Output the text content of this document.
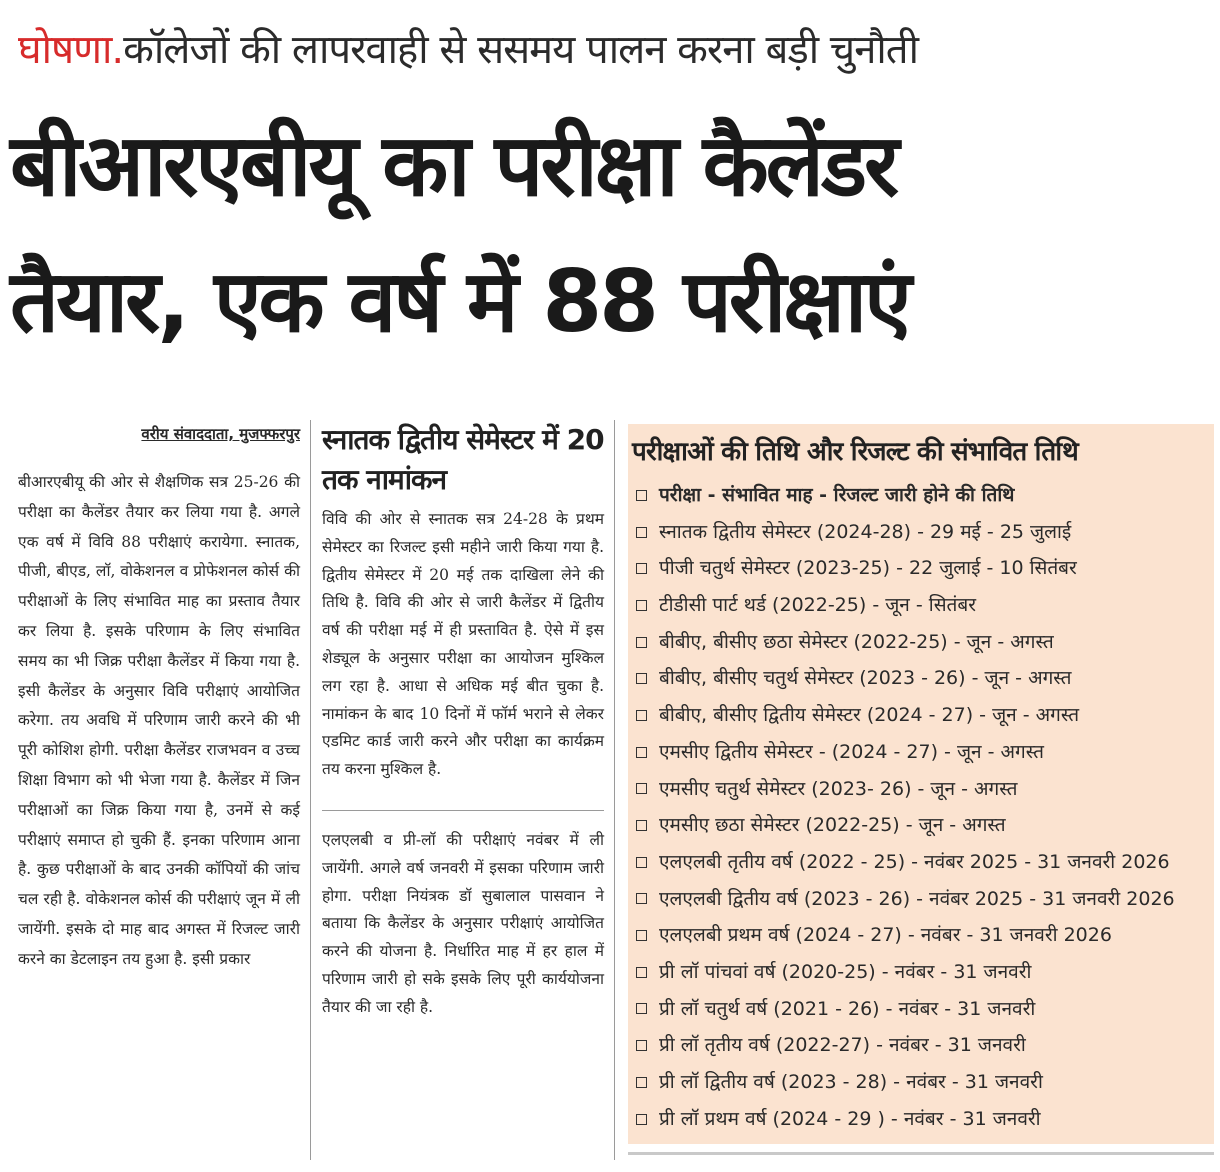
घोषणा.कॉलेजों की लापरवाही से ससमय पालन करना बड़ी चुनौती
बीआरएबीयू का परीक्षा कैलेंडर
तैयार, एक वर्ष में 88 परीक्षाएं
वरीय संवाददाता, मुजफ्फरपुर

बीआरएबीयू की ओर से शैक्षणिक सत्र 25-26 की परीक्षा का कैलेंडर तैयार कर लिया गया है. अगले एक वर्ष में विवि 88 परीक्षाएं करायेगा. स्नातक, पीजी, बीएड, लॉ, वोकेशनल व प्रोफेशनल कोर्स की परीक्षाओं के लिए संभावित माह का प्रस्ताव तैयार कर लिया है. इसके परिणाम के लिए संभावित समय का भी जिक्र परीक्षा कैलेंडर में किया गया है. इसी कैलेंडर के अनुसार विवि परीक्षाएं आयोजित करेगा. तय अवधि में परिणाम जारी करने की भी पूरी कोशिश होगी. परीक्षा कैलेंडर राजभवन व उच्च शिक्षा विभाग को भी भेजा गया है. कैलेंडर में जिन परीक्षाओं का जिक्र किया गया है, उनमें से कई परीक्षाएं समाप्त हो चुकी हैं. इनका परिणाम आना है. कुछ परीक्षाओं के बाद उनकी कॉपियों की जांच चल रही है. वोकेशनल कोर्स की परीक्षाएं जून में ली जायेंगी. इसके दो माह बाद अगस्त में रिजल्ट जारी करने का डेटलाइन तय हुआ है. इसी प्रकार

स्नातक द्वितीय सेमेस्टर में 20 तक नामांकन

विवि की ओर से स्नातक सत्र 24-28 के प्रथम सेमेस्टर का रिजल्ट इसी महीने जारी किया गया है. द्वितीय सेमेस्टर में 20 मई तक दाखिला लेने की तिथि है. विवि की ओर से जारी कैलेंडर में द्वितीय वर्ष की परीक्षा मई में ही प्रस्तावित है. ऐसे में इस शेड्यूल के अनुसार परीक्षा का आयोजन मुश्किल लग रहा है. आधा से अधिक मई बीत चुका है. नामांकन के बाद 10 दिनों में फॉर्म भराने से लेकर एडमिट कार्ड जारी करने और परीक्षा का कार्यक्रम तय करना मुश्किल है.

एलएलबी व प्री-लॉ की परीक्षाएं नवंबर में ली जायेंगी. अगले वर्ष जनवरी में इसका परिणाम जारी होगा. परीक्षा नियंत्रक डॉ सुबालाल पासवान ने बताया कि कैलेंडर के अनुसार परीक्षाएं आयोजित करने की योजना है. निर्धारित माह में हर हाल में परिणाम जारी हो सके इसके लिए पूरी कार्ययोजना तैयार की जा रही है.

परीक्षाओं की तिथि और रिजल्ट की संभावित तिथि
परीक्षा - संभावित माह - रिजल्ट जारी होने की तिथि
स्नातक द्वितीय सेमेस्टर (2024-28) - 29 मई - 25 जुलाई
पीजी चतुर्थ सेमेस्टर (2023-25) - 22 जुलाई - 10 सितंबर
टीडीसी पार्ट थर्ड (2022-25) - जून - सितंबर
बीबीए, बीसीए छठा सेमेस्टर (2022-25) - जून - अगस्त
बीबीए, बीसीए चतुर्थ सेमेस्टर (2023 - 26) - जून - अगस्त
बीबीए, बीसीए द्वितीय सेमेस्टर (2024 - 27) - जून - अगस्त
एमसीए द्वितीय सेमेस्टर - (2024 - 27) - जून - अगस्त
एमसीए चतुर्थ सेमेस्टर (2023- 26) - जून - अगस्त
एमसीए छठा सेमेस्टर (2022-25) - जून - अगस्त
एलएलबी तृतीय वर्ष (2022 - 25) - नवंबर 2025 - 31 जनवरी 2026
एलएलबी द्वितीय वर्ष (2023 - 26) - नवंबर 2025 - 31 जनवरी 2026
एलएलबी प्रथम वर्ष (2024 - 27) - नवंबर - 31 जनवरी 2026
प्री लॉ पांचवां वर्ष (2020-25) - नवंबर - 31 जनवरी
प्री लॉ चतुर्थ वर्ष (2021 - 26) - नवंबर - 31 जनवरी
प्री लॉ तृतीय वर्ष (2022-27) - नवंबर - 31 जनवरी
प्री लॉ द्वितीय वर्ष (2023 - 28) - नवंबर - 31 जनवरी
प्री लॉ प्रथम वर्ष (2024 - 29 ) - नवंबर - 31 जनवरी
